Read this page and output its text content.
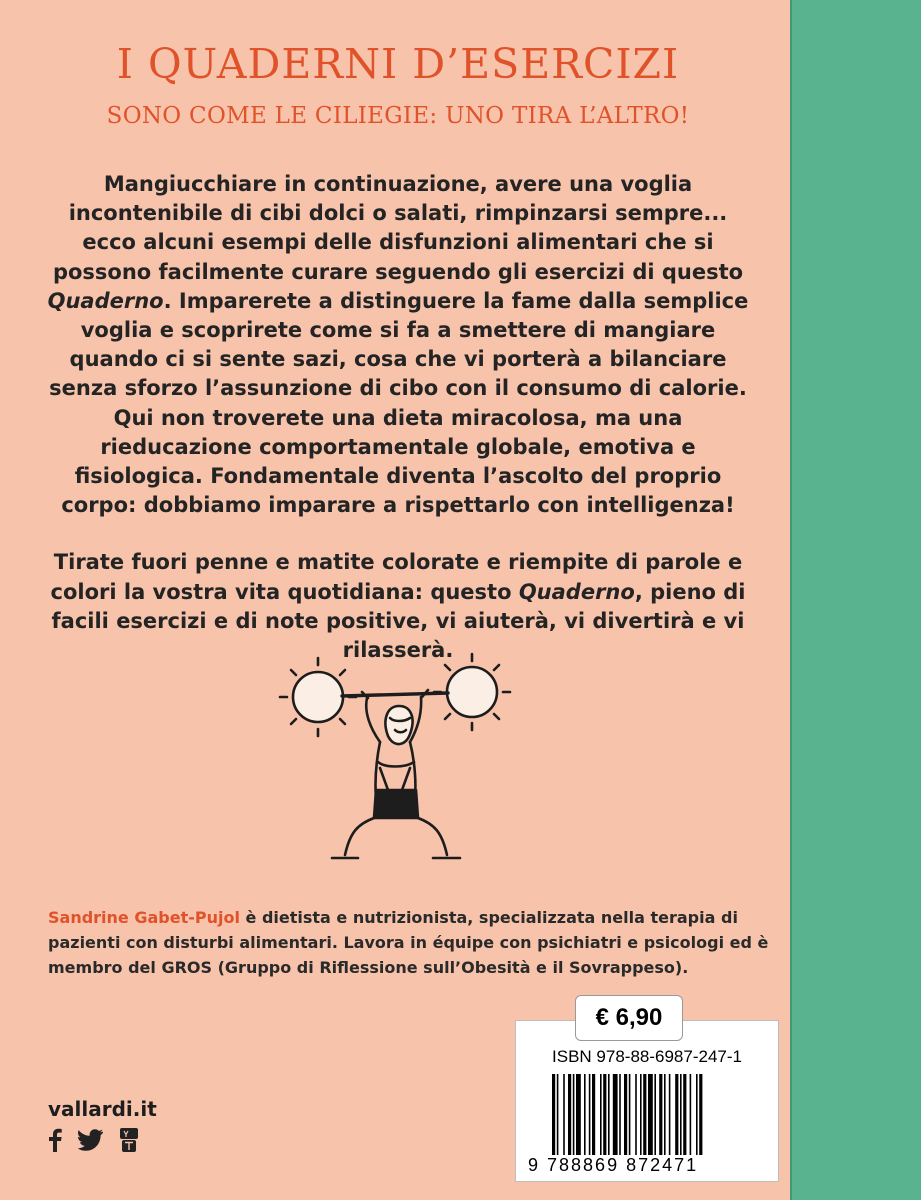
I QUADERNI D’ESERCIZI
SONO COME LE CILIEGIE: UNO TIRA L’ALTRO!

Mangiucchiare in continuazione, avere una voglia incontenibile di cibi dolci o salati, rimpinzarsi sempre... ecco alcuni esempi delle disfunzioni alimentari che si possono facilmente curare seguendo gli esercizi di questo Quaderno. Imparerete a distinguere la fame dalla semplice voglia e scoprirete come si fa a smettere di mangiare quando ci si sente sazi, cosa che vi porterà a bilanciare senza sforzo l’assunzione di cibo con il consumo di calorie. Qui non troverete una dieta miracolosa, ma una rieducazione comportamentale globale, emotiva e fisiologica. Fondamentale diventa l’ascolto del proprio corpo: dobbiamo imparare a rispettarlo con intelligenza!

Tirate fuori penne e matite colorate e riempite di parole e colori la vostra vita quotidiana: questo Quaderno, pieno di facili esercizi e di note positive, vi aiuterà, vi divertirà e vi rilasserà.

Sandrine Gabet-Pujol è dietista e nutrizionista, specializzata nella terapia di pazienti con disturbi alimentari. Lavora in équipe con psichiatri e psicologi ed è membro del GROS (Gruppo di Riflessione sull’Obesità e il Sovrappeso).
ISBN 978-88-6987-247-1
9 788869 872471
€ 6,90
vallardi.it
